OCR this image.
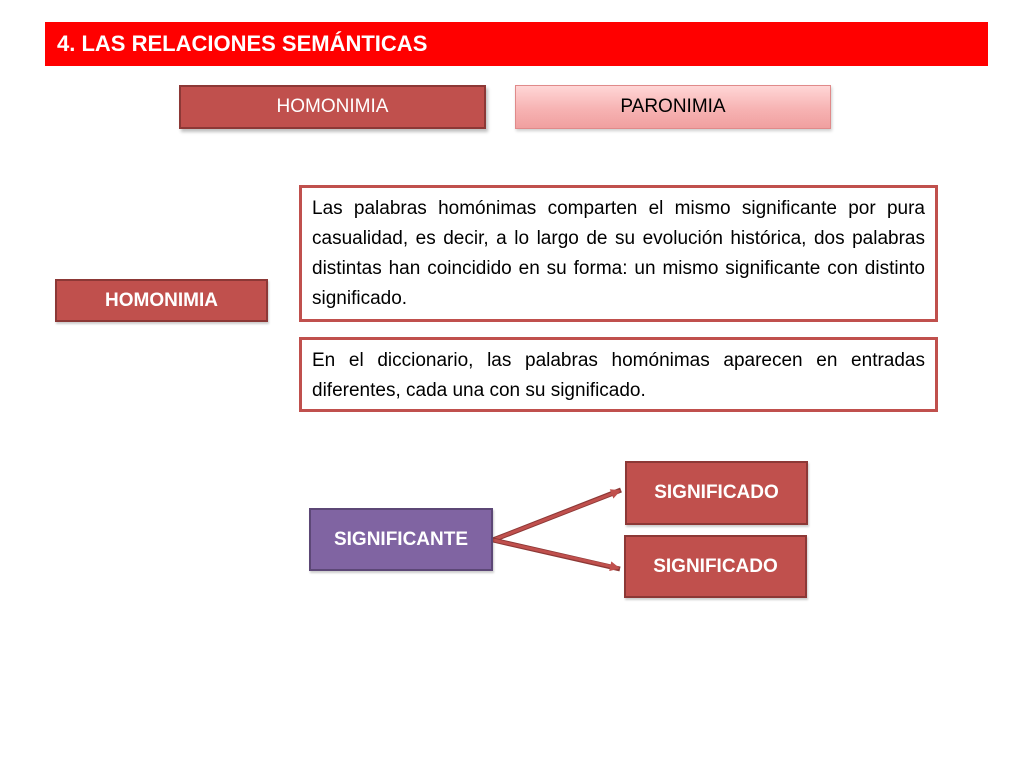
4. LAS RELACIONES SEMÁNTICAS
HOMONIMIA	PARONIMIA
HOMONIMIA
Las palabras homónimas comparten el mismo significante por pura casualidad, es decir, a lo largo de su evolución histórica, dos palabras distintas han coincidido en su forma: un mismo significante con distinto significado.
En el diccionario, las palabras homónimas aparecen en entradas diferentes, cada una con su significado.
SIGNIFICANTE
SIGNIFICADO
SIGNIFICADO
